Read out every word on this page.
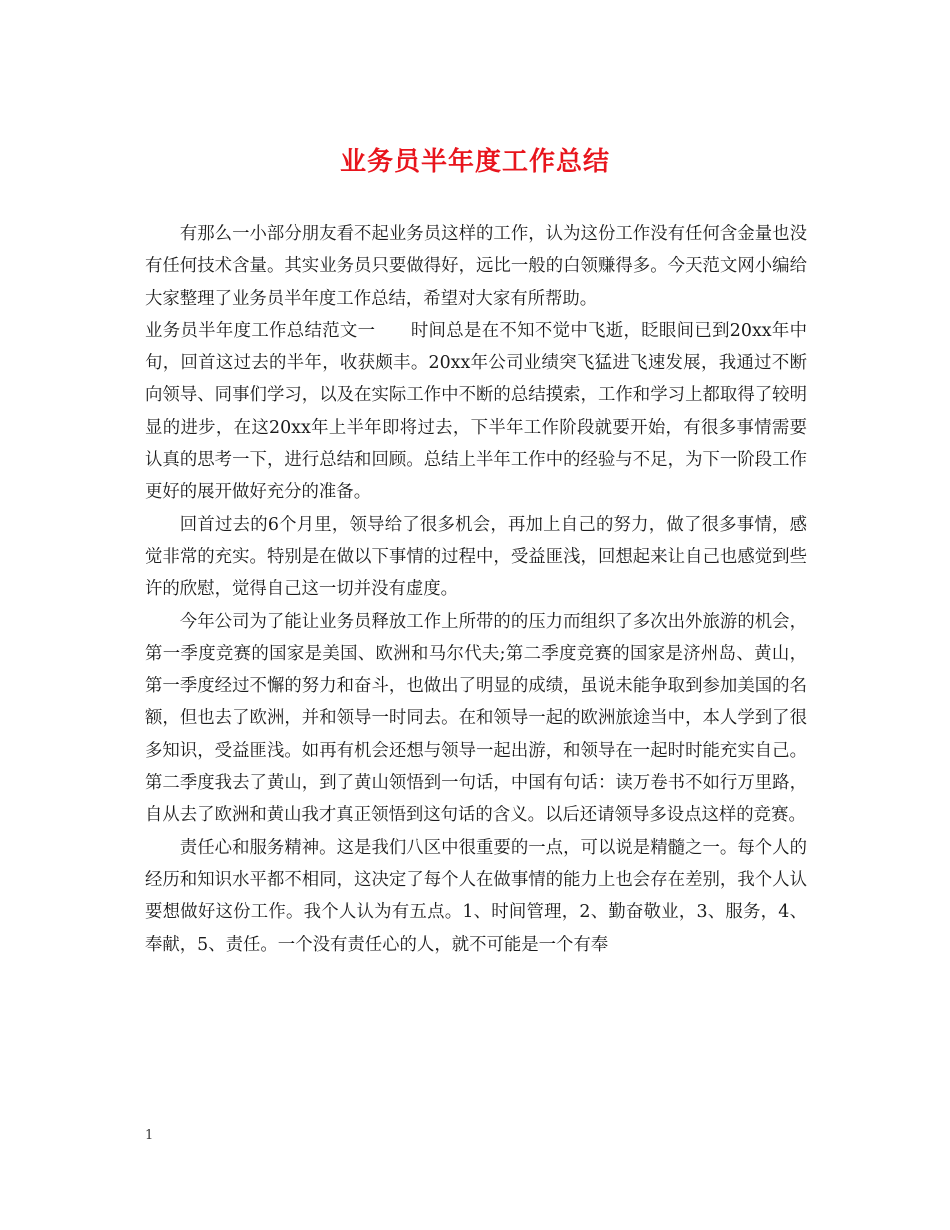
业务员半年度工作总结

有那么一小部分朋友看不起业务员这样的工作，认为这份工作没有任何含金量也没有任何技术含量。其实业务员只要做得好，远比一般的白领赚得多。今天范文网小编给大家整理了业务员半年度工作总结，希望对大家有所帮助。

业务员半年度工作总结范文一　　时间总是在不知不觉中飞逝，眨眼间已到20xx年中旬，回首这过去的半年，收获颇丰。20xx年公司业绩突飞猛进飞速发展，我通过不断向领导、同事们学习，以及在实际工作中不断的总结摸索，工作和学习上都取得了较明显的进步，在这20xx年上半年即将过去，下半年工作阶段就要开始，有很多事情需要认真的思考一下，进行总结和回顾。总结上半年工作中的经验与不足，为下一阶段工作更好的展开做好充分的准备。

回首过去的6个月里，领导给了很多机会，再加上自己的努力，做了很多事情，感觉非常的充实。特别是在做以下事情的过程中，受益匪浅，回想起来让自己也感觉到些许的欣慰，觉得自己这一切并没有虚度。

今年公司为了能让业务员释放工作上所带的的压力而组织了多次出外旅游的机会，第一季度竞赛的国家是美国、欧洲和马尔代夫;第二季度竞赛的国家是济州岛、黄山，第一季度经过不懈的努力和奋斗，也做出了明显的成绩，虽说未能争取到参加美国的名额，但也去了欧洲，并和领导一时同去。在和领导一起的欧洲旅途当中，本人学到了很多知识，受益匪浅。如再有机会还想与领导一起出游，和领导在一起时时能充实自己。第二季度我去了黄山，到了黄山领悟到一句话，中国有句话：读万卷书不如行万里路，自从去了欧洲和黄山我才真正领悟到这句话的含义。以后还请领导多设点这样的竞赛。

责任心和服务精神。这是我们八区中很重要的一点，可以说是精髓之一。每个人的经历和知识水平都不相同，这决定了每个人在做事情的能力上也会存在差别，我个人认要想做好这份工作。我个人认为有五点。1、时间管理，2、勤奋敬业，3、服务，4、奉献，5、责任。一个没有责任心的人，就不可能是一个有奉

1
